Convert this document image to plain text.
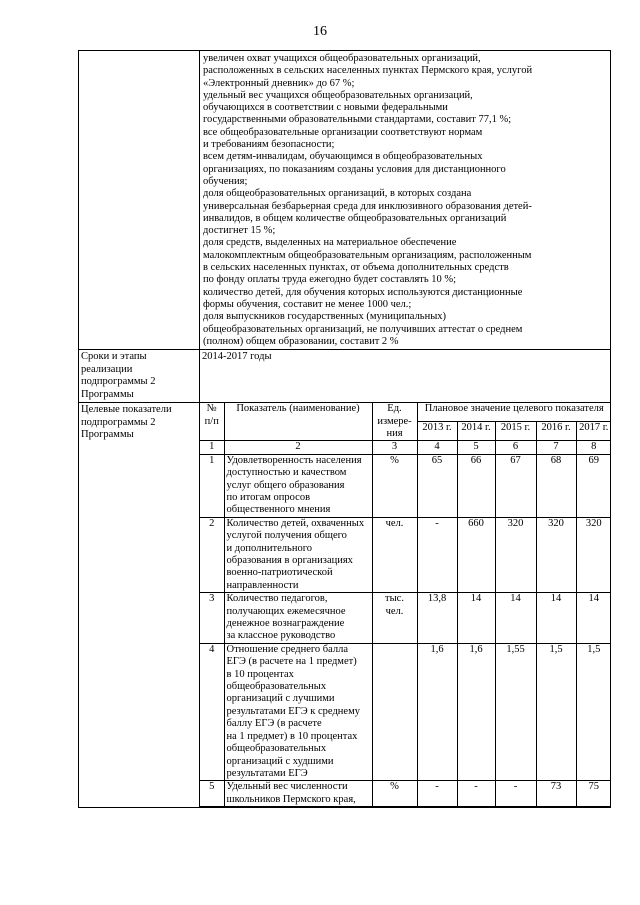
16
	увеличен охват учащихся общеобразовательных организаций,
расположенных в сельских населенных пунктах Пермского края, услугой
«Электронный дневник» до 67 %;
удельный вес учащихся общеобразовательных организаций,
обучающихся в соответствии с новыми федеральными
государственными образовательными стандартами, составит 77,1 %;
все общеобразовательные организации соответствуют нормам
и требованиям безопасности;
всем детям-инвалидам, обучающимся в общеобразовательных
организациях, по показаниям созданы условия для дистанционного
обучения;
доля общеобразовательных организаций, в которых создана
универсальная безбарьерная среда для инклюзивного образования детей-
инвалидов, в общем количестве общеобразовательных организаций
достигнет 15 %;
доля средств, выделенных на материальное обеспечение
малокомплектным общеобразовательным организациям, расположенным
в сельских населенных пунктах, от объема дополнительных средств
по фонду оплаты труда ежегодно будет составлять 10 %;
количество детей, для обучения которых используются дистанционные
формы обучения, составит не менее 1000 чел.;
доля выпускников государственных (муниципальных)
общеобразовательных организаций, не получивших аттестат о среднем
(полном) общем образовании, составит 2 %
Сроки и этапы реализации подпрограммы 2 Программы	2014-2017 годы
Целевые показатели подпрограммы 2 Программы	
№ п/п	Показатель (наименование)	Ед. измере-ния	Плановое значение целевого показателя
2013 г.	2014 г.	2015 г.	2016 г.	2017 г.
1	2	3	4	5	6	7	8
1	Удовлетворенность населения
доступностью и качеством
услуг общего образования
по итогам опросов
общественного мнения	%	65	66	67	68	69
2	Количество детей, охваченных
услугой получения общего
и дополнительного
образования в организациях
военно-патриотической
направленности	чел.	-	660	320	320	320
3	Количество педагогов,
получающих ежемесячное
денежное вознаграждение
за классное руководство	тыс.
чел.	13,8	14	14	14	14
4	Отношение среднего балла
ЕГЭ (в расчете на 1 предмет)
в 10 процентах
общеобразовательных
организаций с лучшими
результатами ЕГЭ к среднему
баллу ЕГЭ (в расчете
на 1 предмет) в 10 процентах
общеобразовательных
организаций с худшими
результатами ЕГЭ		1,6	1,6	1,55	1,5	1,5
5	Удельный вес численности
школьников Пермского края,	%	-	-	-	73	75
